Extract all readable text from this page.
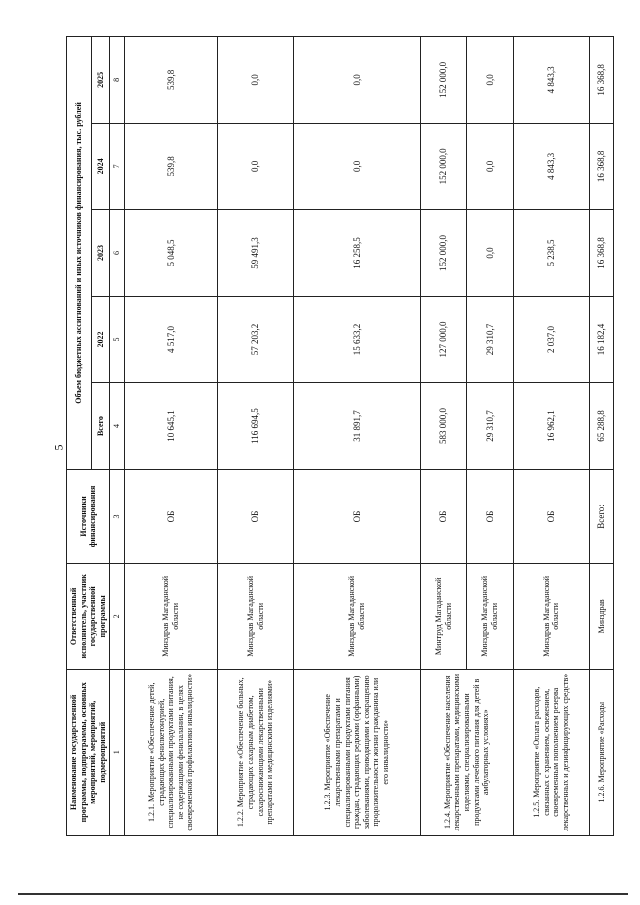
5
Наименование государственной программы, подпрограммы, основных мероприятий, мероприятий, подмероприятий	Ответственный исполнитель, участник государственной программы	Источники финансирования	Объем бюджетных ассигнований и иных источников финансирования, тыс. рублей				
			Всего	2022	2023	2024	2025
1	2	3	4	5	6	7	8
1.2.1. Мероприятие «Обеспечение детей, страдающих фенилкетонурией, специализированными продуктами питания, не содержащими фенилаланин, в целях своевременной профилактики инвалидности»	Минздрав Магаданской области	ОБ	10 645,1	4 517,0	5 048,5	539,8	539,8
1.2.2. Мероприятие «Обеспечение больных, страдающих сахарным диабетом, сахароснижающими лекарственными препаратами и медицинскими изделиями»	Минздрав Магаданской области	ОБ	116 694,5	57 203,2	59 491,3	0,0	0,0
1.2.3. Мероприятие «Обеспечение лекарственными препаратами и специализированными продуктами питания граждан, страдающих редкими (орфанными) заболеваниями, приводящими к сокращению продолжительности жизни гражданина или его инвалидности»	Минздрав Магаданской области	ОБ	31 891,7	15 633,2	16 258,5	0,0	0,0
1.2.4. Мероприятие «Обеспечение населения лекарственными препаратами, медицинскими изделиями, специализированными продуктами лечебного питания для детей в амбулаторных условиях»	Минтруд Магаданской области	ОБ	583 000,0	127 000,0	152 000,0	152 000,0	152 000,0
	Минздрав Магаданской области	ОБ	29 310,7	29 310,7	0,0	0,0	0,0
1.2.5. Мероприятие «Оплата расходов, связанных с хранением, освежением, своевременным пополнением резерва лекарственных и дезинфицирующих средств»	Минздрав Магаданской области	ОБ	16 962,1	2 037,0	5 238,5	4 843,3	4 843,3
1.2.6. Мероприятие «Расходы	Минздрав	Всего:	65 288,8	16 182,4	16 368,8	16 368,8	16 368,8
